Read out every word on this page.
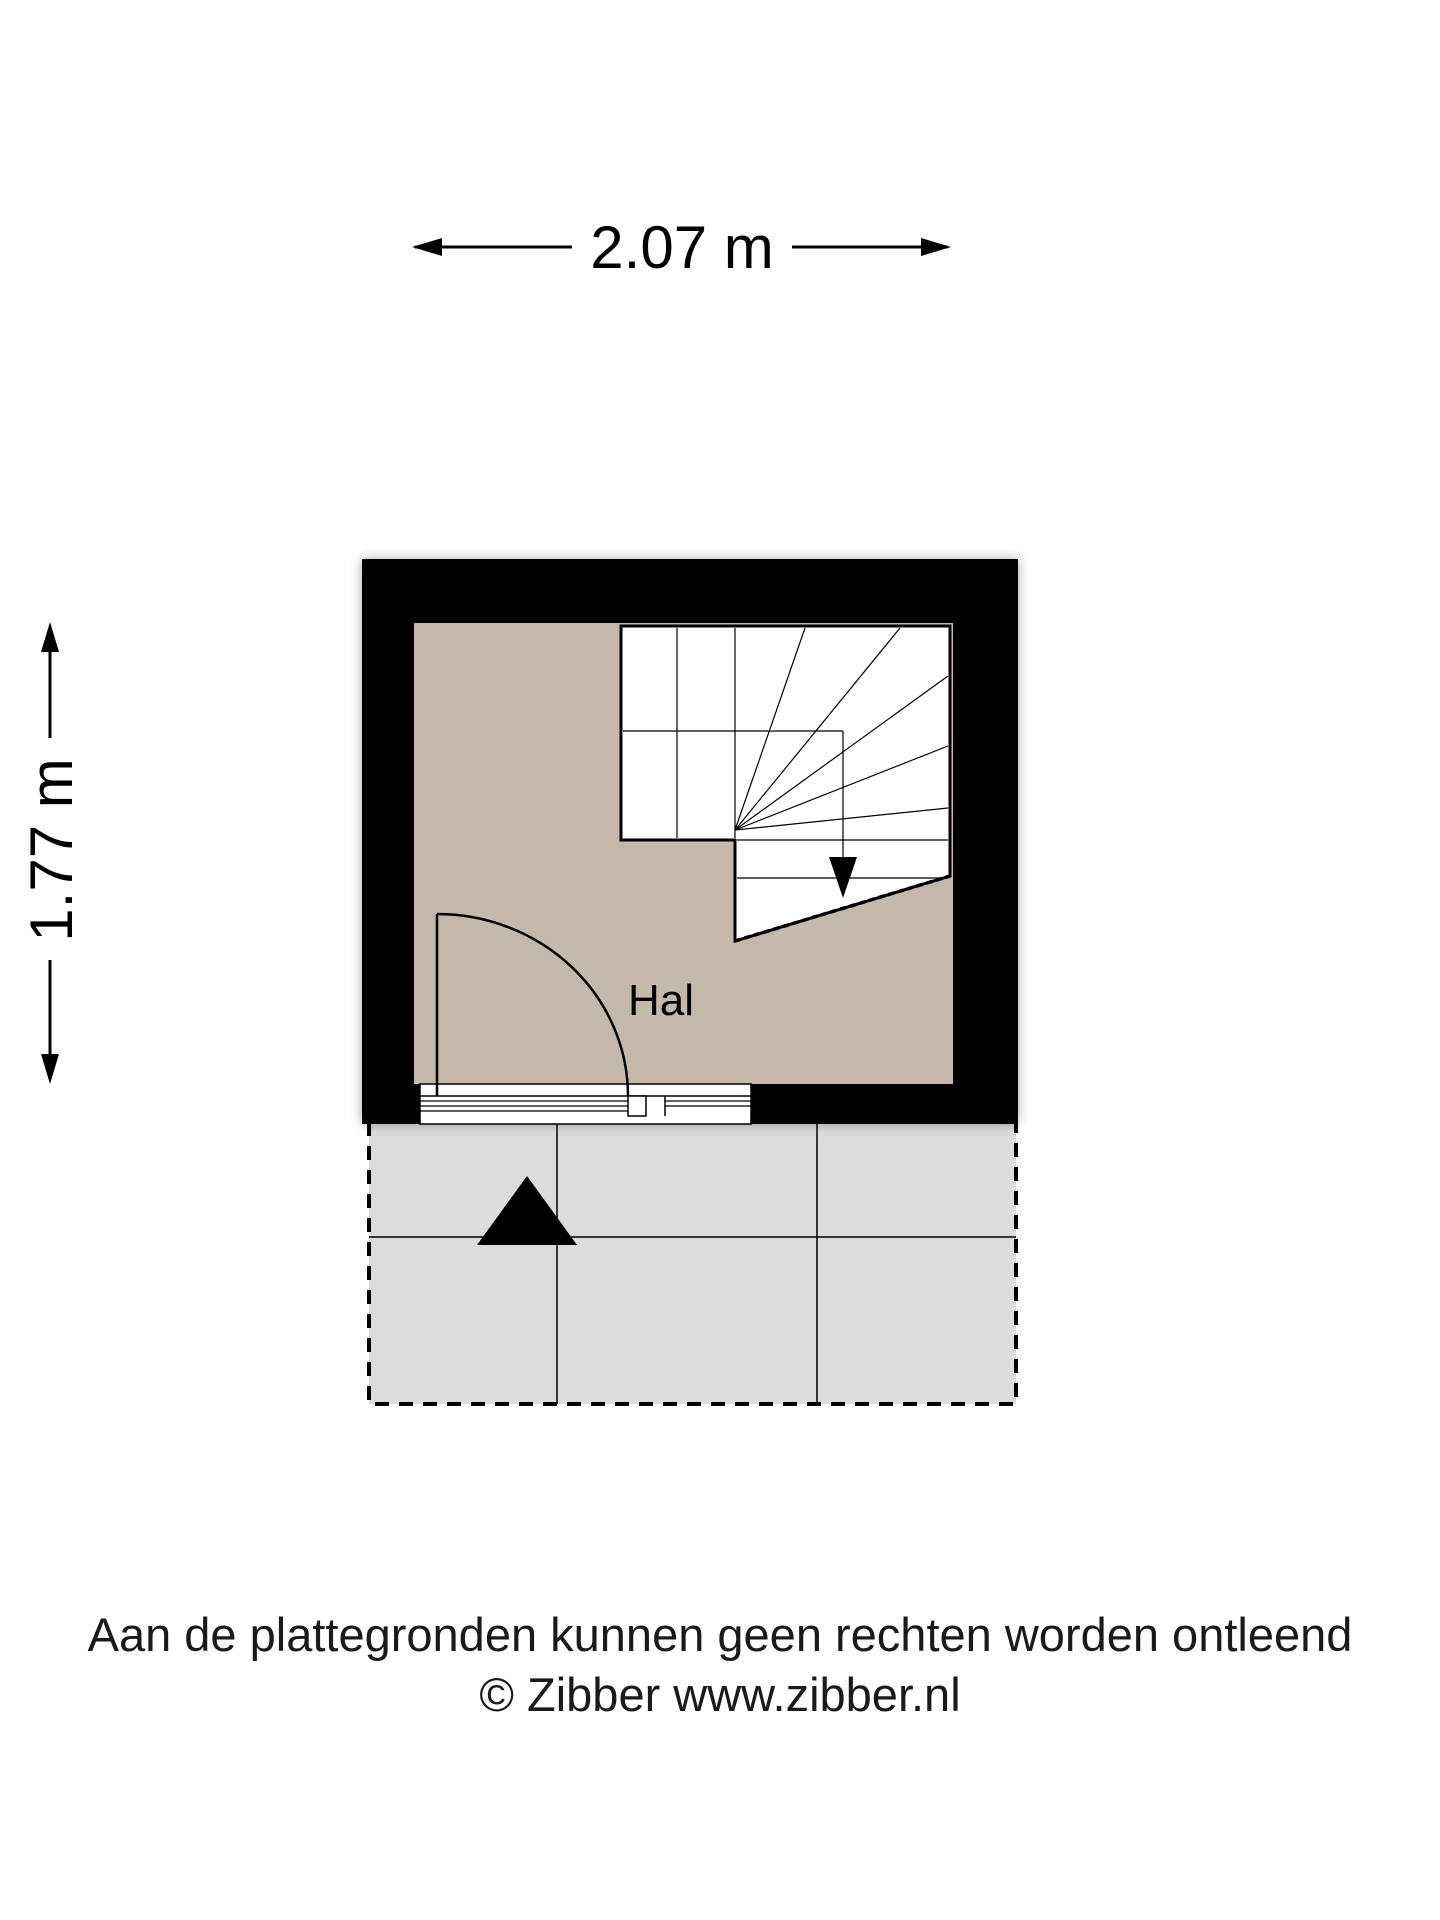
2.07 m
1.77 m
Hal
Aan de plattegronden kunnen geen rechten worden ontleend
© Zibber www.zibber.nl
